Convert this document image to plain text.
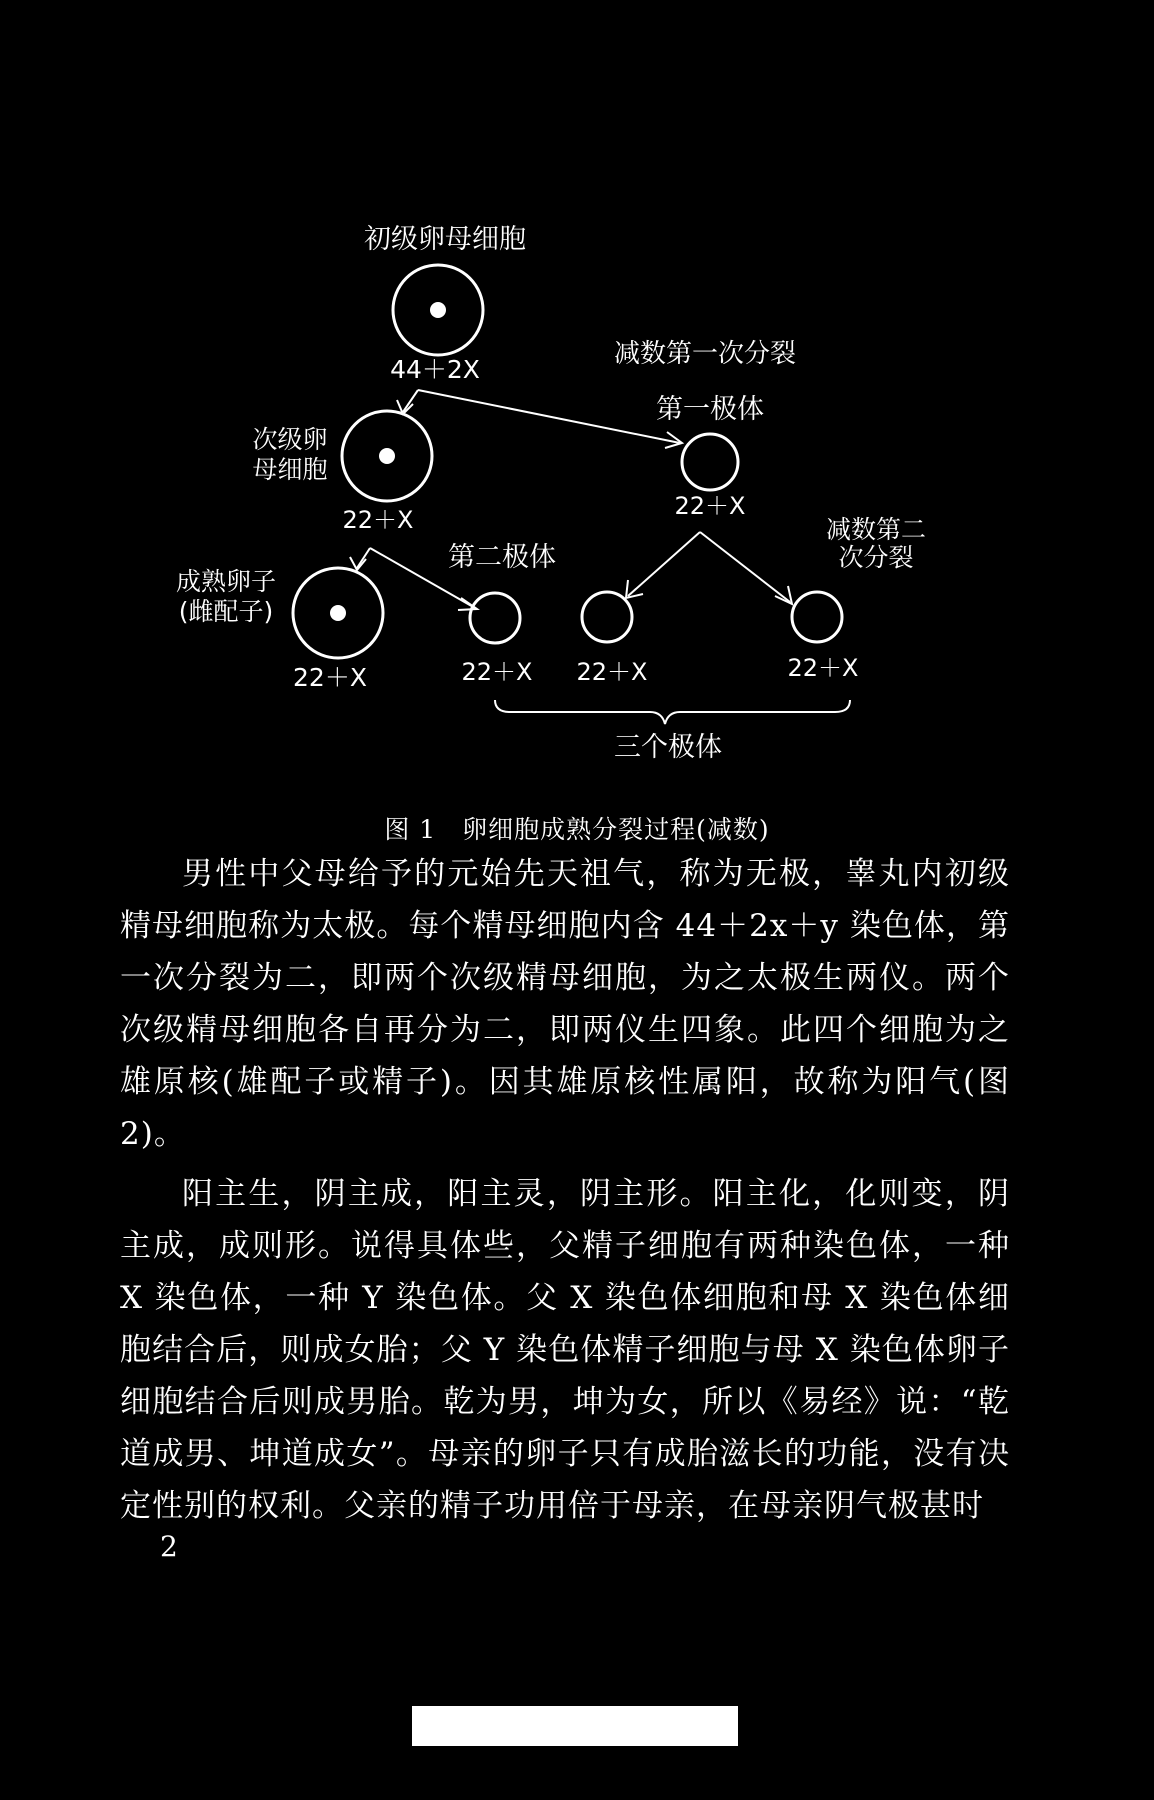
初级卵母细胞
44＋2X
减数第一次分裂
第一极体
次级卵
母细胞
22＋X	22＋X
减数第二
次分裂
第二极体
成熟卵子
(雌配子)
22＋X	22＋X 22＋X	22＋X
三个极体
图 1　卵细胞成熟分裂过程(减数)

男性中父母给予的元始先天祖气，称为无极，睾丸内初级精母细胞称为太极。每个精母细胞内含 44＋2x＋y 染色体，第一次分裂为二，即两个次级精母细胞，为之太极生两仪。两个次级精母细胞各自再分为二，即两仪生四象。此四个细胞为之雄原核(雄配子或精子)。因其雄原核性属阳，故称为阳气(图2)。

阳主生，阴主成，阳主灵，阴主形。阳主化，化则变，阴主成，成则形。说得具体些，父精子细胞有两种染色体，一种 X 染色体，一种 Y 染色体。父 X 染色体细胞和母 X 染色体细胞结合后，则成女胎；父 Y 染色体精子细胞与母 X 染色体卵子细胞结合后则成男胎。乾为男，坤为女，所以《易经》说：“乾道成男、坤道成女”。母亲的卵子只有成胎滋长的功能，没有决定性别的权利。父亲的精子功用倍于母亲，在母亲阴气极甚时

2
